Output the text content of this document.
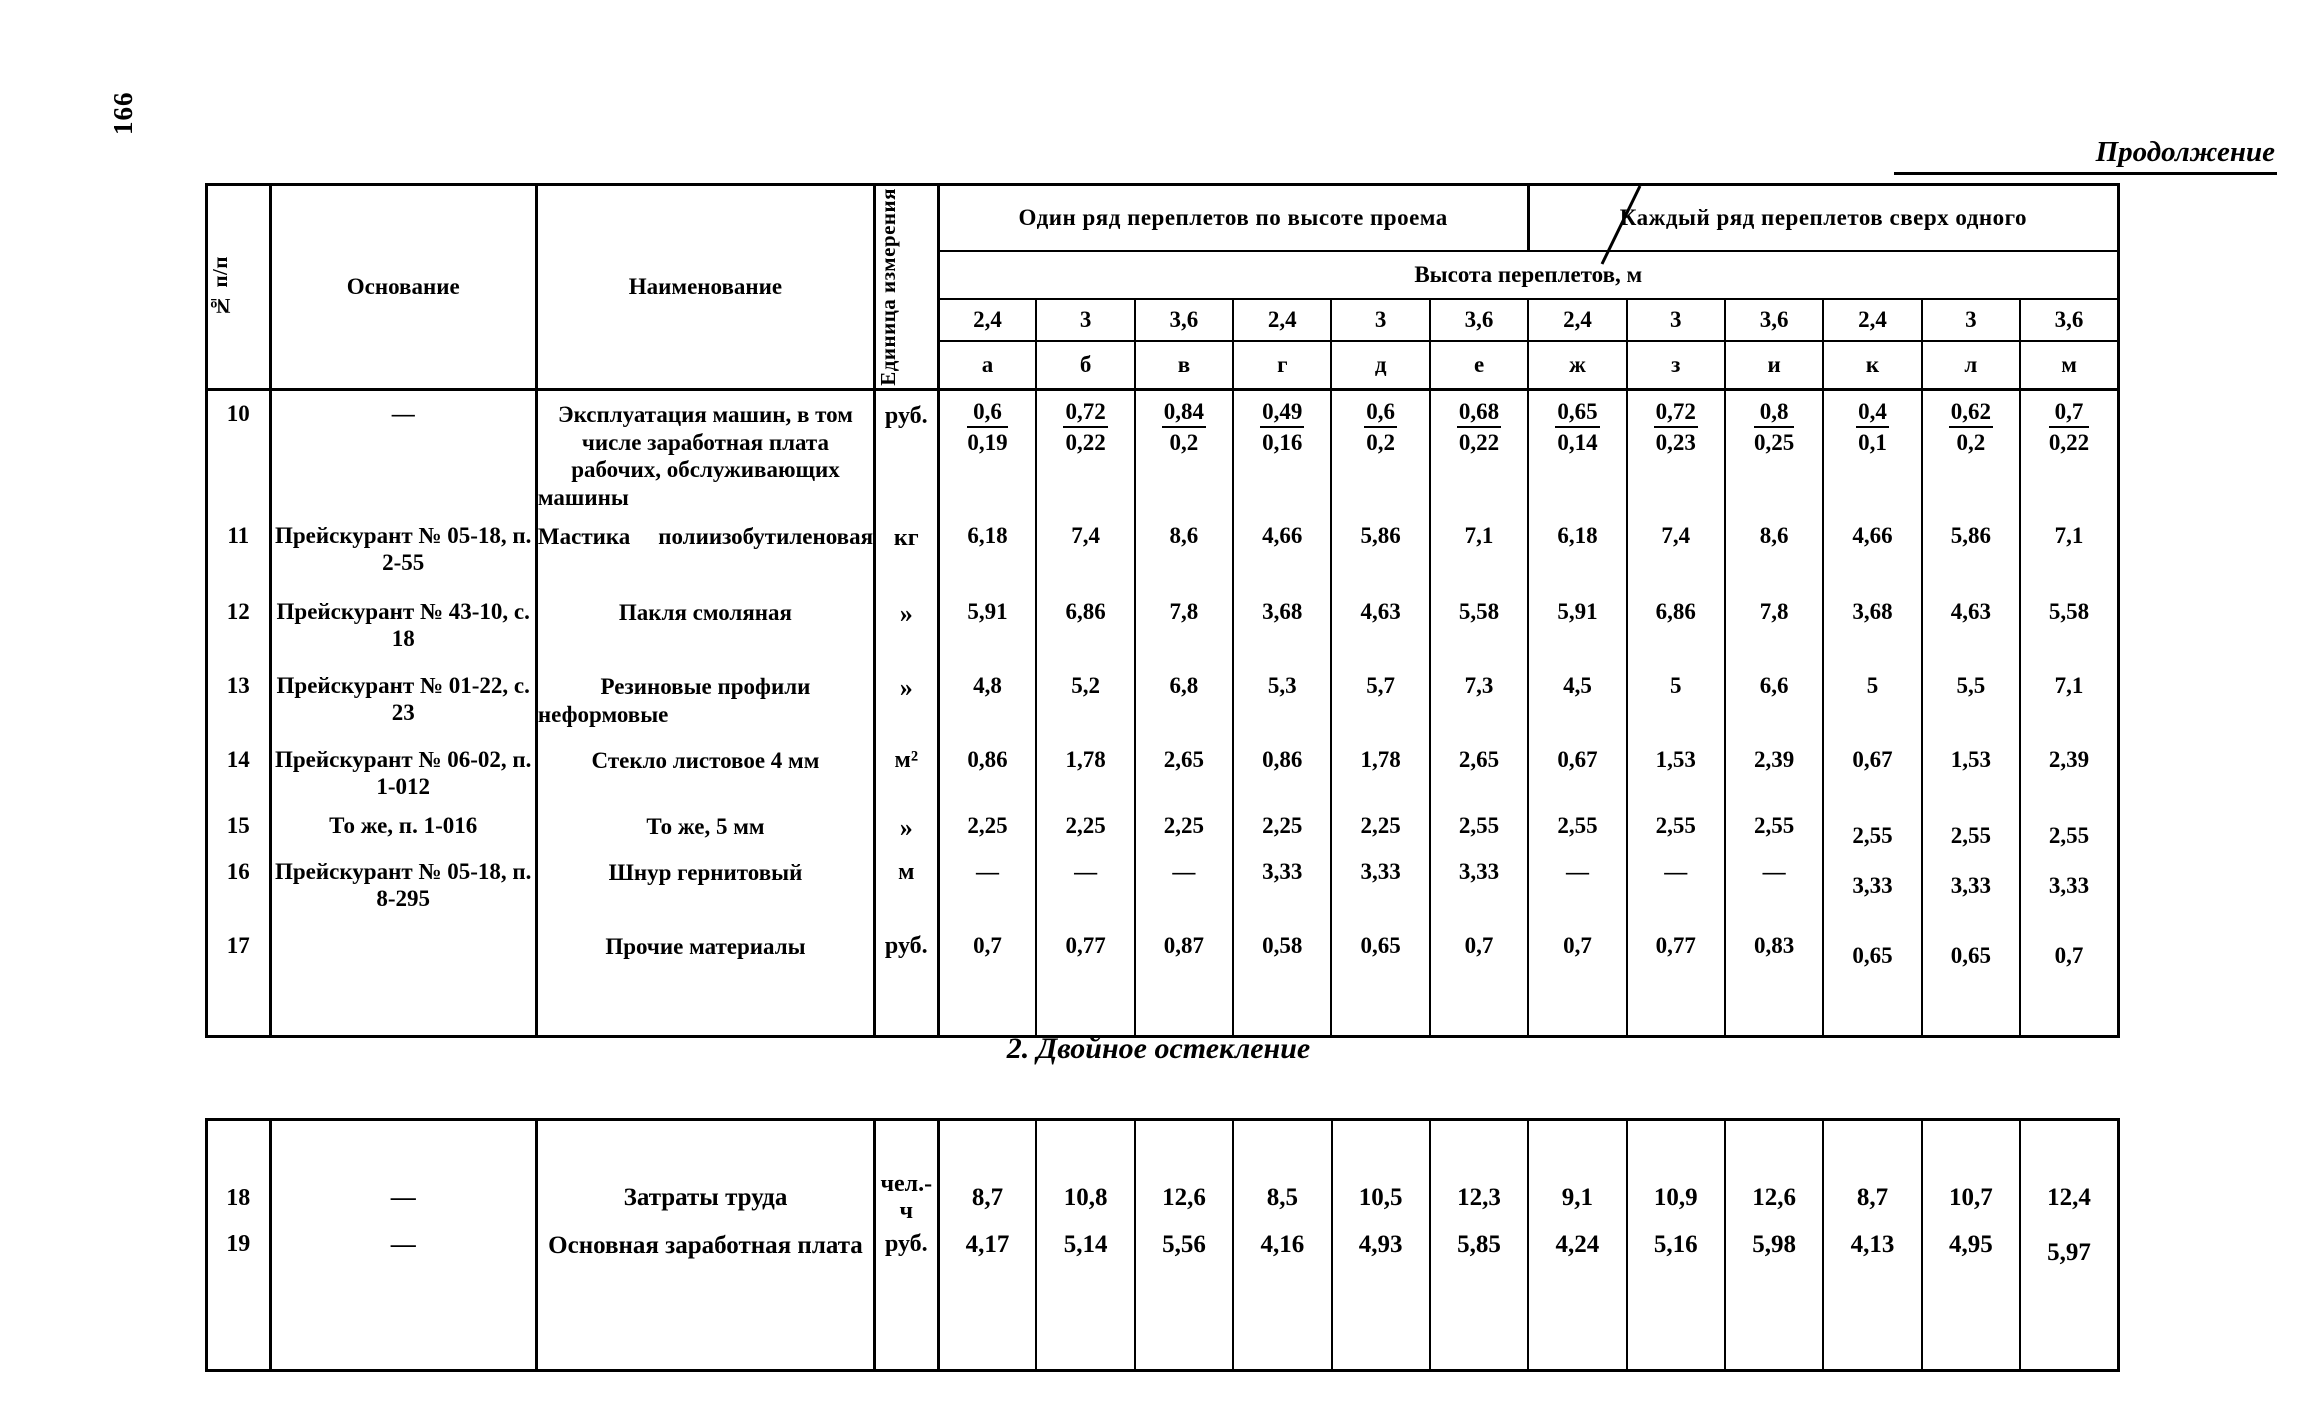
166
Продолжение
№ п/п	Основание	Наименование	Единица измерения	Один ряд переплетов по высоте проема						Каждый ряд переплетов сверх одного					
				Высота переплетов, м											
				2,4	3	3,6	2,4	3	3,6	2,4	3	3,6	2,4	3	3,6
				а	б	в	г	д	е	ж	з	и	к	л	м
10	—	Эксплуатация машин, в том числе заработная плата рабочих, обслуживающих машины	руб.	$\frac{0,6}{0,19}$	$\frac{0,72}{0,22}$	$\frac{0,84}{0,2}$	$\frac{0,49}{0,16}$	$\frac{0,6}{0,2}$	$\frac{0,68}{0,22}$	$\frac{0,65}{0,14}$	$\frac{0,72}{0,23}$	$\frac{0,8}{0,25}$	$\frac{0,4}{0,1}$	$\frac{0,62}{0,2}$	$\frac{0,7}{0,22}$

11	Прейскурант № 05-18, п. 2-55	Мастика полиизобутиленовая	кг	6,18	7,4	8,6	4,66	5,86	7,1	6,18	7,4	8,6	4,66	5,86	7,1
12	Прейскурант № 43-10, с. 18	Пакля смоляная	»	5,91	6,86	7,8	3,68	4,63	5,58	5,91	6,86	7,8	3,68	4,63	5,58
13	Прейскурант № 01-22, с. 23	Резиновые профили неформовые	»	4,8	5,2	6,8	5,3	5,7	7,3	4,5	5	6,6	5	5,5	7,1
14	Прейскурант № 06-02, п. 1-012	Стекло листовое 4 мм	м²	0,86	1,78	2,65	0,86	1,78	2,65	0,67	1,53	2,39	0,67	1,53	2,39
15	То же, п. 1-016	То же, 5 мм	»	2,25	2,25	2,25	2,25	2,25	2,55	2,55	2,55	2,55	2,55	2,55	2,55
16	Прейскурант № 05-18, п. 8-295	Шнур гернитовый	м	—	—	—	3,33	3,33	3,33	—	—	—	3,33	3,33	3,33
17		Прочие материалы	руб.	0,7	0,77	0,87	0,58	0,65	0,7	0,7	0,77	0,83	0,65	0,65	0,7

2. Двойное остекление

18	—	Затраты труда	чел.-ч	8,7	10,8	12,6	8,5	10,5	12,3	9,1	10,9	12,6	8,7	10,7	12,4
19	—	Основная заработная плата	руб.	4,17	5,14	5,56	4,16	4,93	5,85	4,24	5,16	5,98	4,13	4,95	5,97
